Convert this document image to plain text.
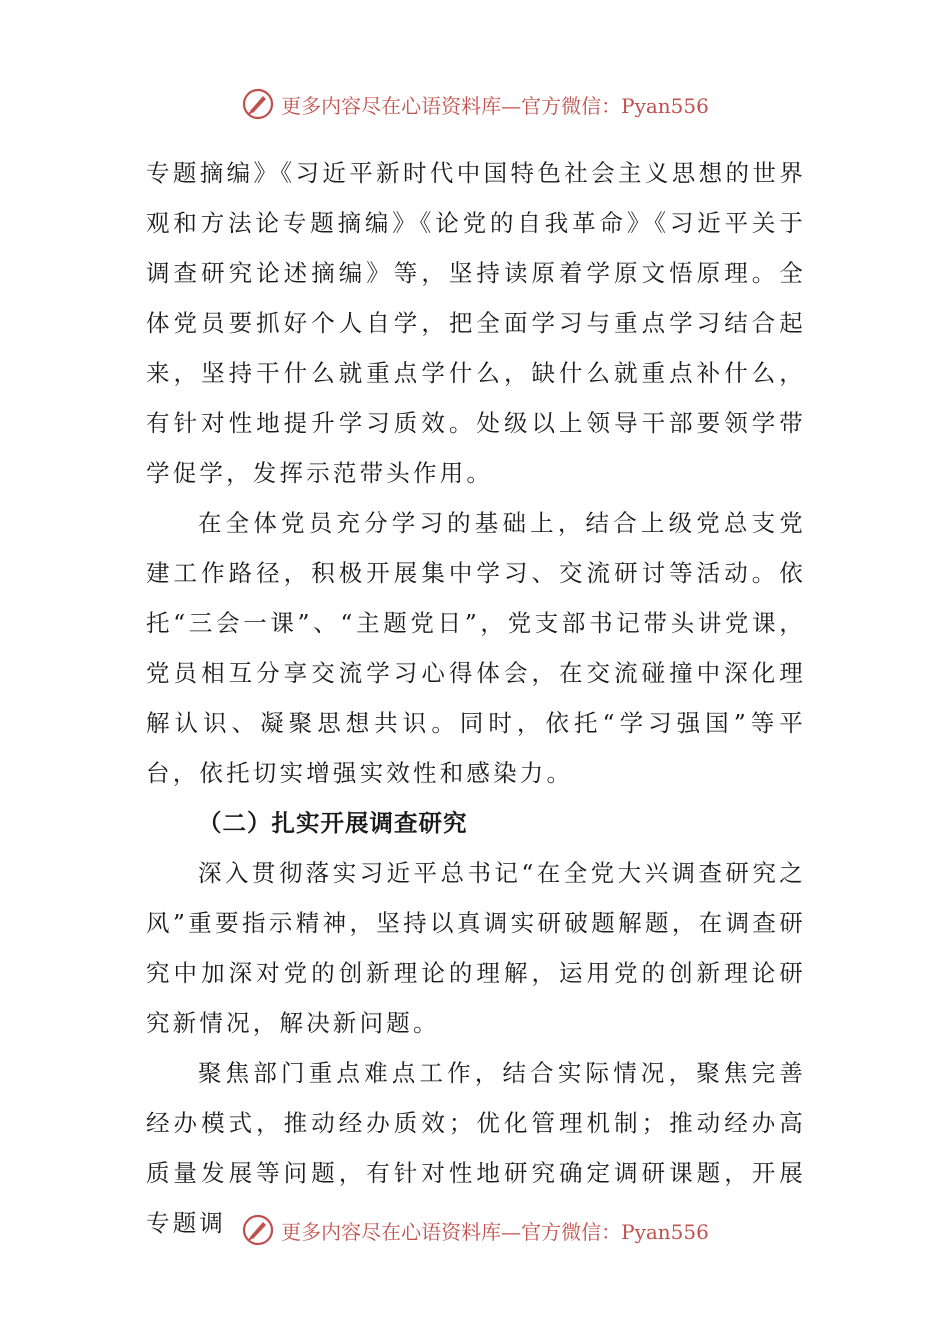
更多内容尽在心语资料库—官方微信：Pyan556

专题摘编》《习近平新时代中国特色社会主义思想的世界观和方法论专题摘编》《论党的自我革命》《习近平关于调查研究论述摘编》等，坚持读原着学原文悟原理。全体党员要抓好个人自学，把全面学习与重点学习结合起来，坚持干什么就重点学什么，缺什么就重点补什么，有针对性地提升学习质效。处级以上领导干部要领学带学促学，发挥示范带头作用。

在全体党员充分学习的基础上，结合上级党总支党建工作路径，积极开展集中学习、交流研讨等活动。依托“三会一课”、“主题党日”，党支部书记带头讲党课，党员相互分享交流学习心得体会，在交流碰撞中深化理解认识、凝聚思想共识。同时，依托“学习强国”等平台，依托切实增强实效性和感染力。

（二）扎实开展调查研究

深入贯彻落实习近平总书记“在全党大兴调查研究之风”重要指示精神，坚持以真调实研破题解题，在调查研究中加深对党的创新理论的理解，运用党的创新理论研究新情况，解决新问题。

聚焦部门重点难点工作，结合实际情况，聚焦完善经办模式，推动经办质效；优化管理机制；推动经办高质量发展等问题，有针对性地研究确定调研课题，开展专题调	更多内容尽在心语资料库—官方微信：Pyan556
